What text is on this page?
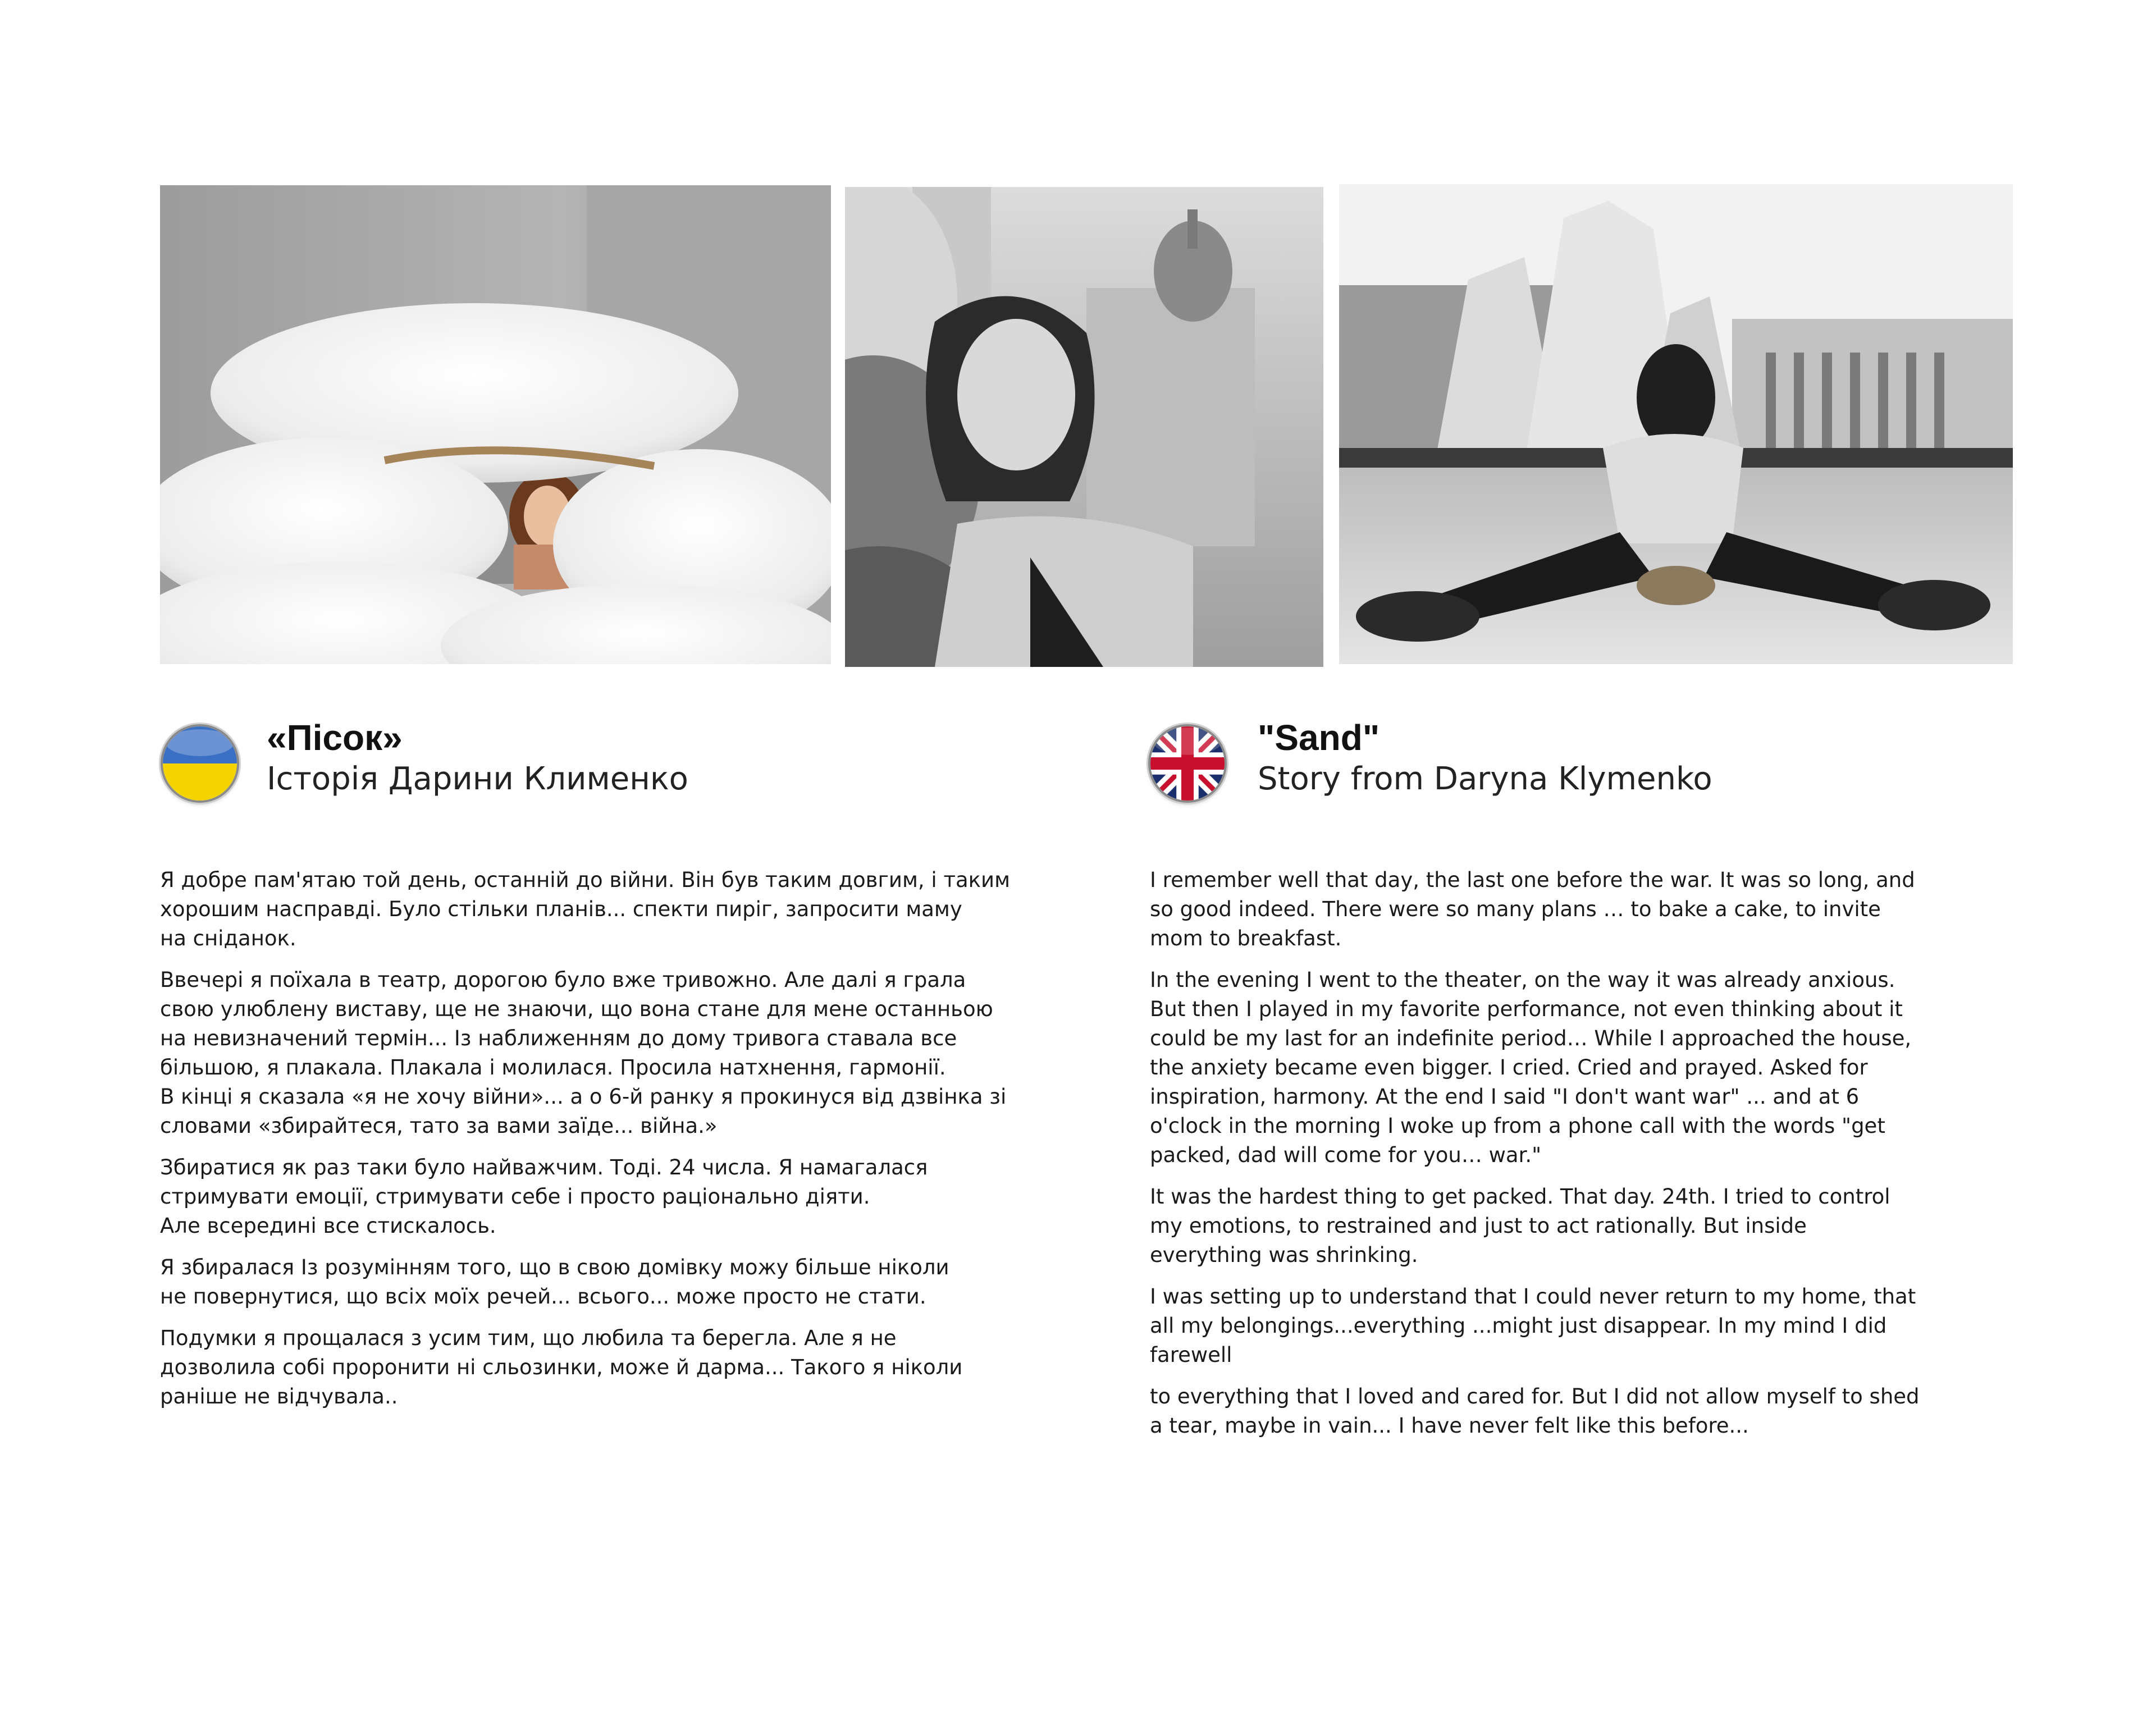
«Пісок»
Історія Дарини Клименко
"Sand"
Story from Daryna Klymenko

Я добре пам'ятаю той день, останній до війни. Він був таким довгим, і таким
хорошим насправді. Було стільки планів... спекти пиріг, запросити маму
на сніданок.

Ввечері я поїхала в театр, дорогою було вже тривожно. Але далі я грала
свою улюблену виставу, ще не знаючи, що вона стане для мене останньою
на невизначений термін... Із наближенням до дому тривога ставала все
більшою, я плакала. Плакала і молилася. Просила натхнення, гармонії.
В кінці я сказала «я не хочу війни»... а о 6-й ранку я прокинуся від дзвінка зі
словами «збирайтеся, тато за вами заїде... війна.»

Збиратися як раз таки було найважчим. Тоді. 24 числа. Я намагалася
стримувати емоції, стримувати себе і просто раціонально діяти.
Але всередині все стискалось.

Я збиралася Із розумінням того, що в свою домівку можу більше ніколи
не повернутися, що всіх моїх речей... всього... може просто не стати.

Подумки я прощалася з усим тим, що любила та берегла. Але я не
дозволила собі проронити ні сльозинки, може й дарма... Такого я ніколи
раніше не відчувала..

I remember well that day, the last one before the war. It was so long, and
so good indeed. There were so many plans … to bake a cake, to invite
mom to breakfast.

In the evening I went to the theater, on the way it was already anxious.
But then I played in my favorite performance, not even thinking about it
could be my last for an indefinite period… While I approached the house,
the anxiety became even bigger. I cried. Cried and prayed. Asked for
inspiration, harmony. At the end I said "I don't want war" ... and at 6
o'clock in the morning I woke up from a phone call with the words "get
packed, dad will come for you… war."

It was the hardest thing to get packed. That day. 24th. I tried to control
my emotions, to restrained and just to act rationally. But inside
everything was shrinking.

I was setting up to understand that I could never return to my home, that
all my belongings...everything ...might just disappear. In my mind I did
farewell

to everything that I loved and cared for. But I did not allow myself to shed
a tear, maybe in vain... I have never felt like this before...
